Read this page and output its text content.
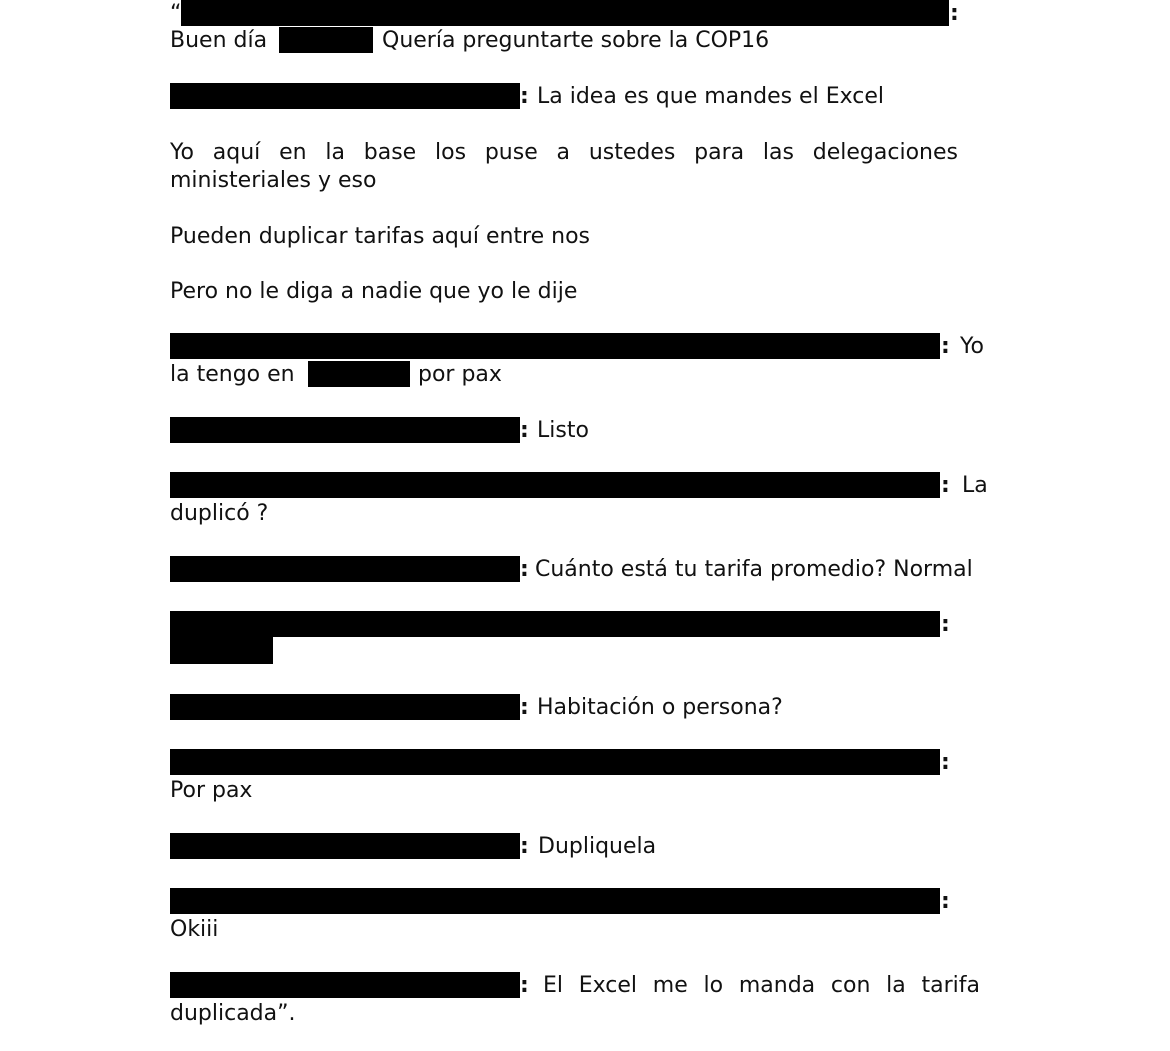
“	:
Buen día	Quería preguntarte sobre la COP16
: La idea es que mandes el Excel
Yo aquí en la base los puse a ustedes para las delegaciones
ministeriales y eso
Pueden duplicar tarifas aquí entre nos
Pero no le diga a nadie que yo le dije
: Yo
la tengo en	por pax
: Listo
: La
duplicó ?
: Cuánto está tu tarifa promedio? Normal
:
: Habitación o persona?
:
Por pax
: Dupliquela
:
Okiii
: El Excel me lo manda con la tarifa
duplicada”.
